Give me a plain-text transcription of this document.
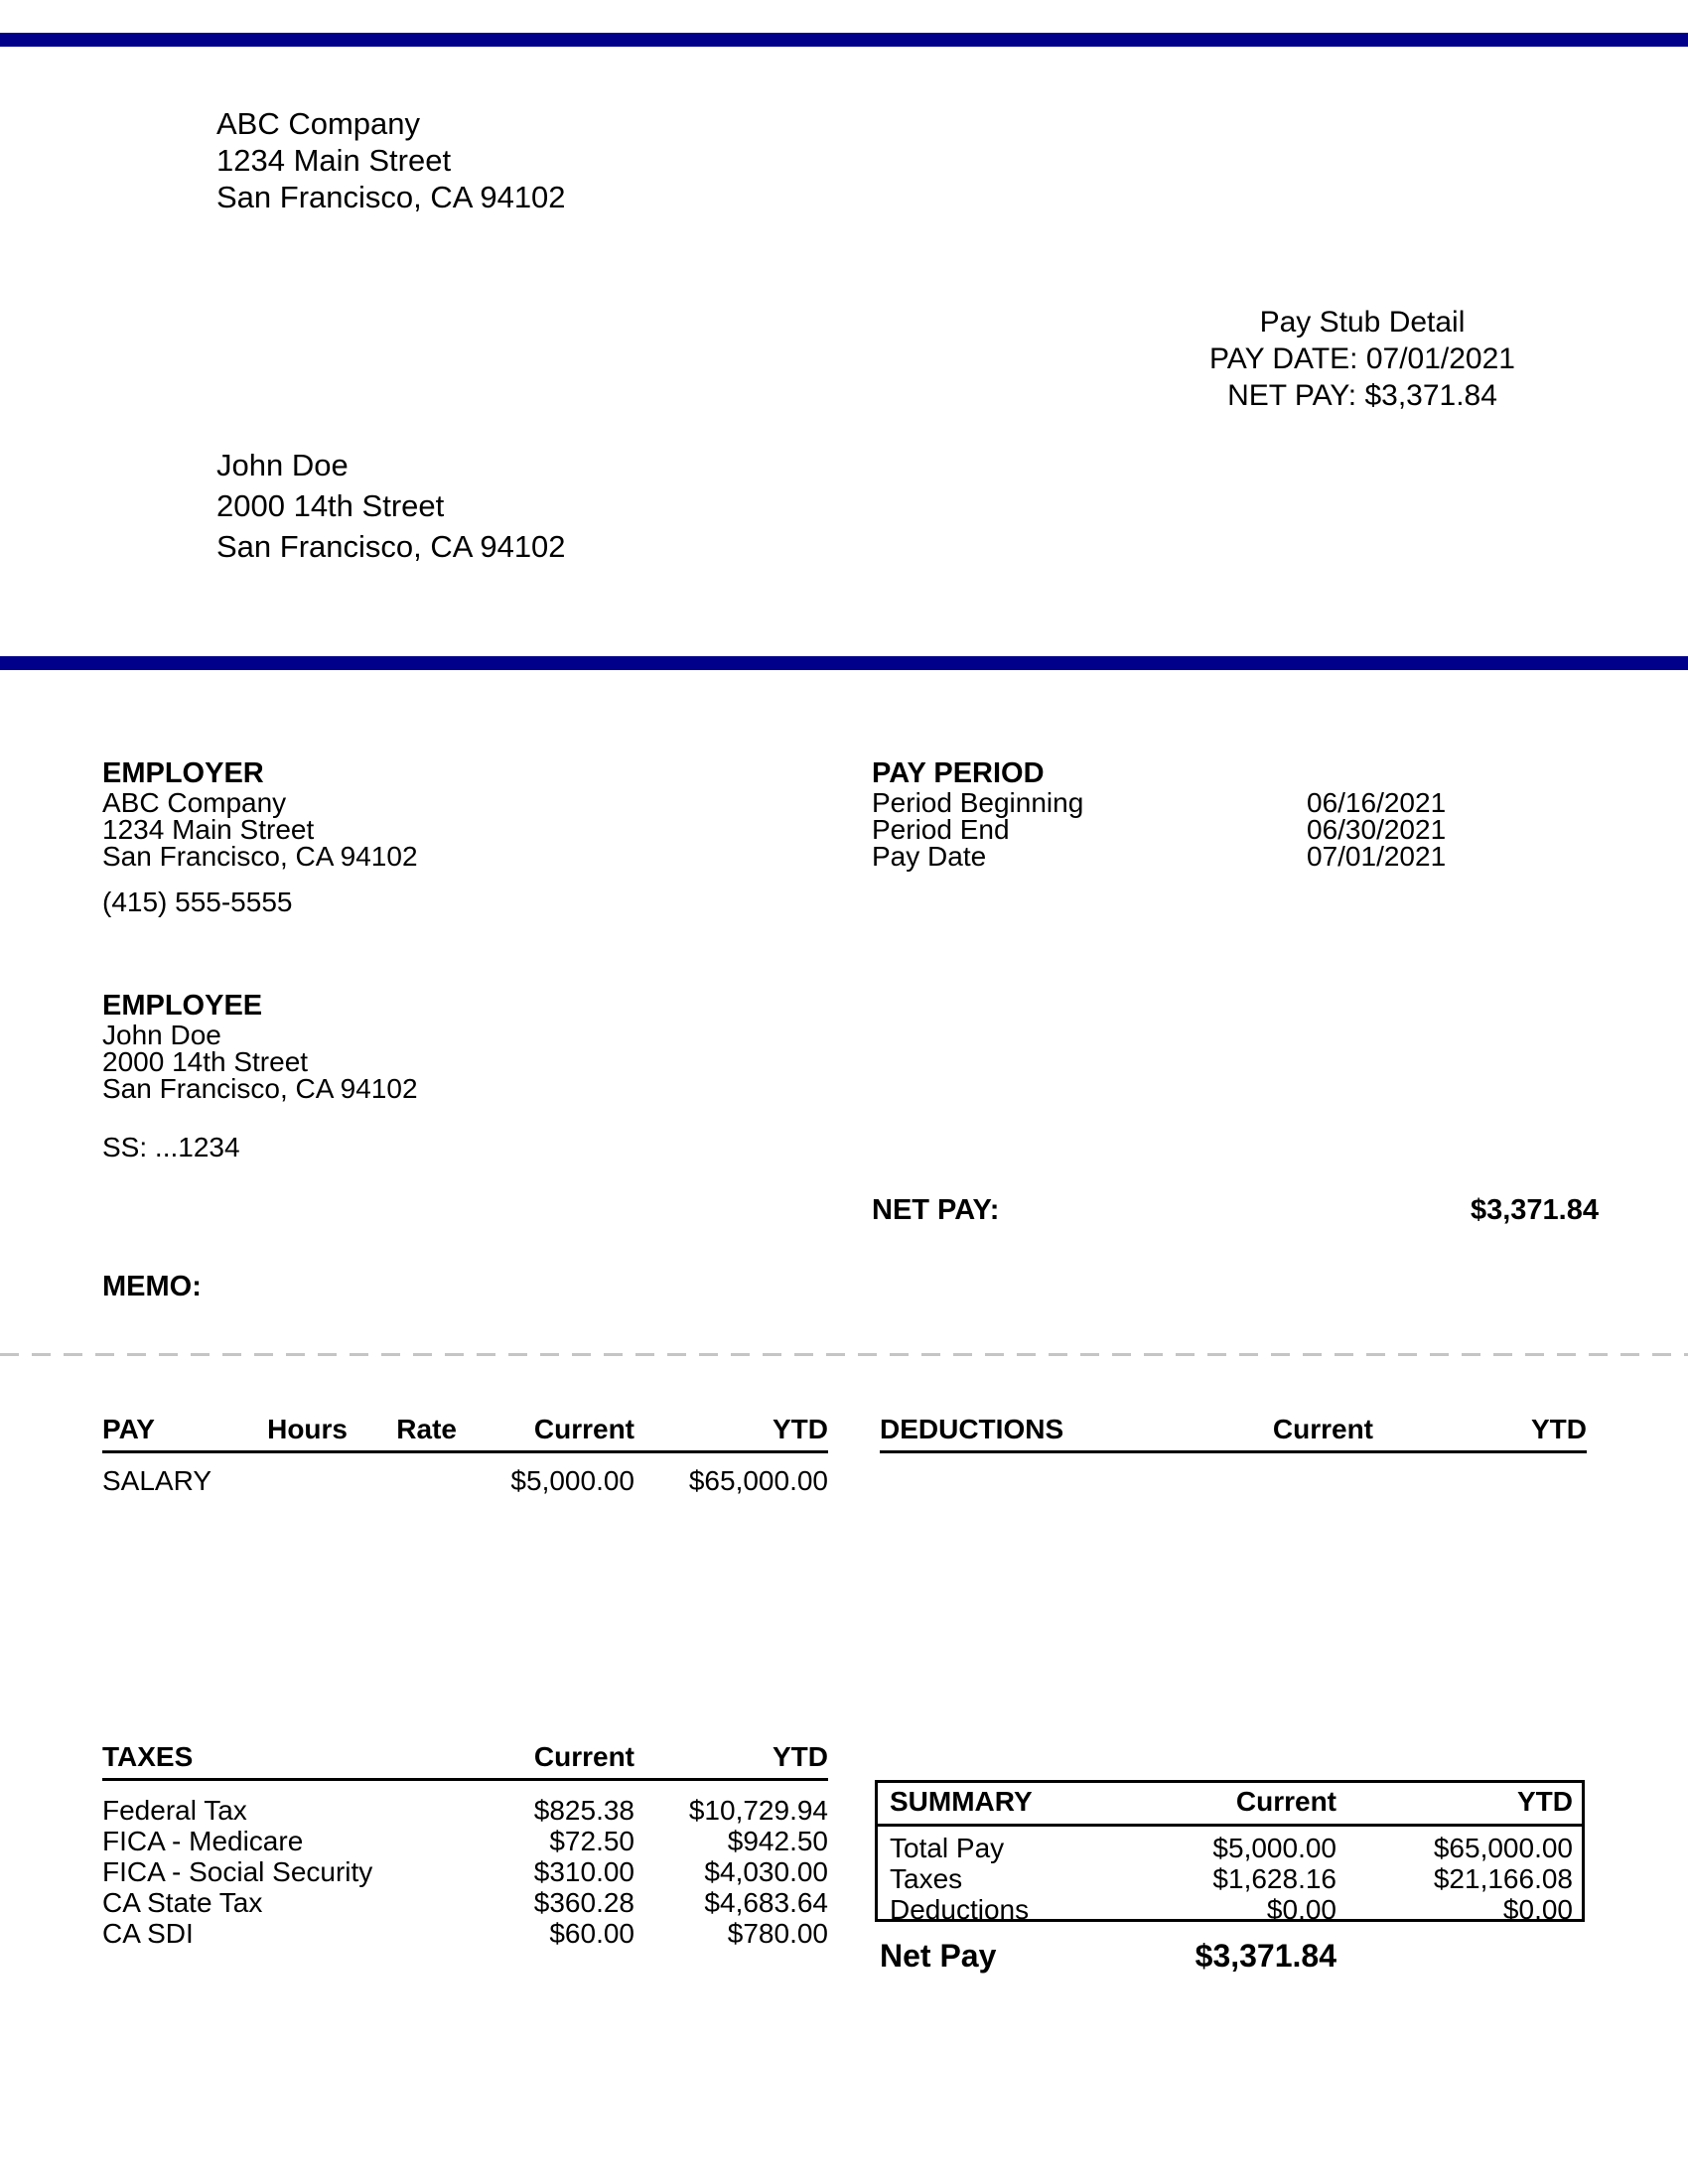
ABC Company
1234 Main Street
San Francisco, CA 94102
Pay Stub Detail
PAY DATE: 07/01/2021
NET PAY: $3,371.84
John Doe
2000 14th Street
San Francisco, CA 94102
EMPLOYER
ABC Company
1234 Main Street
San Francisco, CA 94102
(415) 555-5555
PAY PERIOD
Period Beginning	06/16/2021
Period End	06/30/2021
Pay Date	07/01/2021
EMPLOYEE
John Doe
2000 14th Street
San Francisco, CA 94102
SS: ...1234
NET PAY:	$3,371.84
MEMO:
PAY	Hours	Rate	Current	YTD
SALARY			$5,000.00	$65,000.00
DEDUCTIONS	Current	YTD
TAXES	Current	YTD
Federal Tax	$825.38	$10,729.94
FICA - Medicare	$72.50	$942.50
FICA - Social Security	$310.00	$4,030.00
CA State Tax	$360.28	$4,683.64
CA SDI	$60.00	$780.00
SUMMARY	Current	YTD
Total Pay	$5,000.00	$65,000.00
Taxes	$1,628.16	$21,166.08
Deductions	$0.00	$0.00
Net Pay	$3,371.84
